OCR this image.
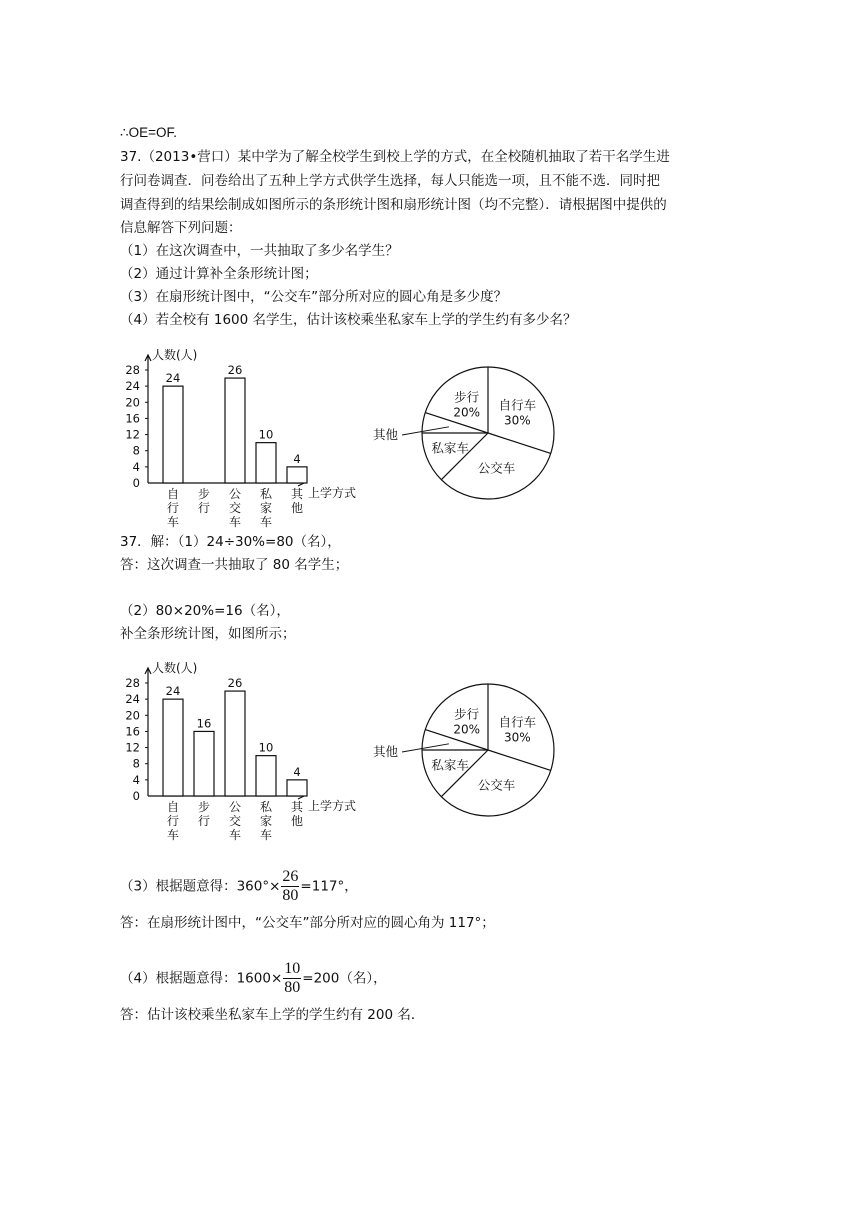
∴OE=OF.
37.（2013•营口）某中学为了解全校学生到校上学的方式，在全校随机抽取了若干名学生进
行问卷调查．问卷给出了五种上学方式供学生选择，每人只能选一项，且不能不选．同时把
调查得到的结果绘制成如图所示的条形统计图和扇形统计图（均不完整）．请根据图中提供的
信息解答下列问题：
（1）在这次调查中，一共抽取了多少名学生？
（2）通过计算补全条形统计图；
（3）在扇形统计图中，“公交车”部分所对应的圆心角是多少度？
（4）若全校有 1600 名学生，估计该校乘坐私家车上学的学生约有多少名？
人数(人)
上学方式
0
4
8
12
16
20
24
28
24
自
行
车
步
行
26
公
交
车
10
私
家
车
4
其
他
自行车
30%
公交车
私家车
其他
步行
20%
37．解：（1）24÷30%=80（名），
答：这次调查一共抽取了 80 名学生；
（2）80×20%=16（名），
补全条形统计图，如图所示；
人数(人)
上学方式
0
4
8
12
16
20
24
28
24
自
行
车
16
步
行
26
公
交
车
10
私
家
车
4
其
他
自行车
30%
公交车
私家车
其他
步行
20%
（3）根据题意得：$360^\circ\times \frac{26}{80} =117^\circ$，
答：在扇形统计图中，“公交车”部分所对应的圆心角为 117°；
（4）根据题意得：$1600\times \frac{10}{80} =200$（名），
答：估计该校乘坐私家车上学的学生约有 200 名．
